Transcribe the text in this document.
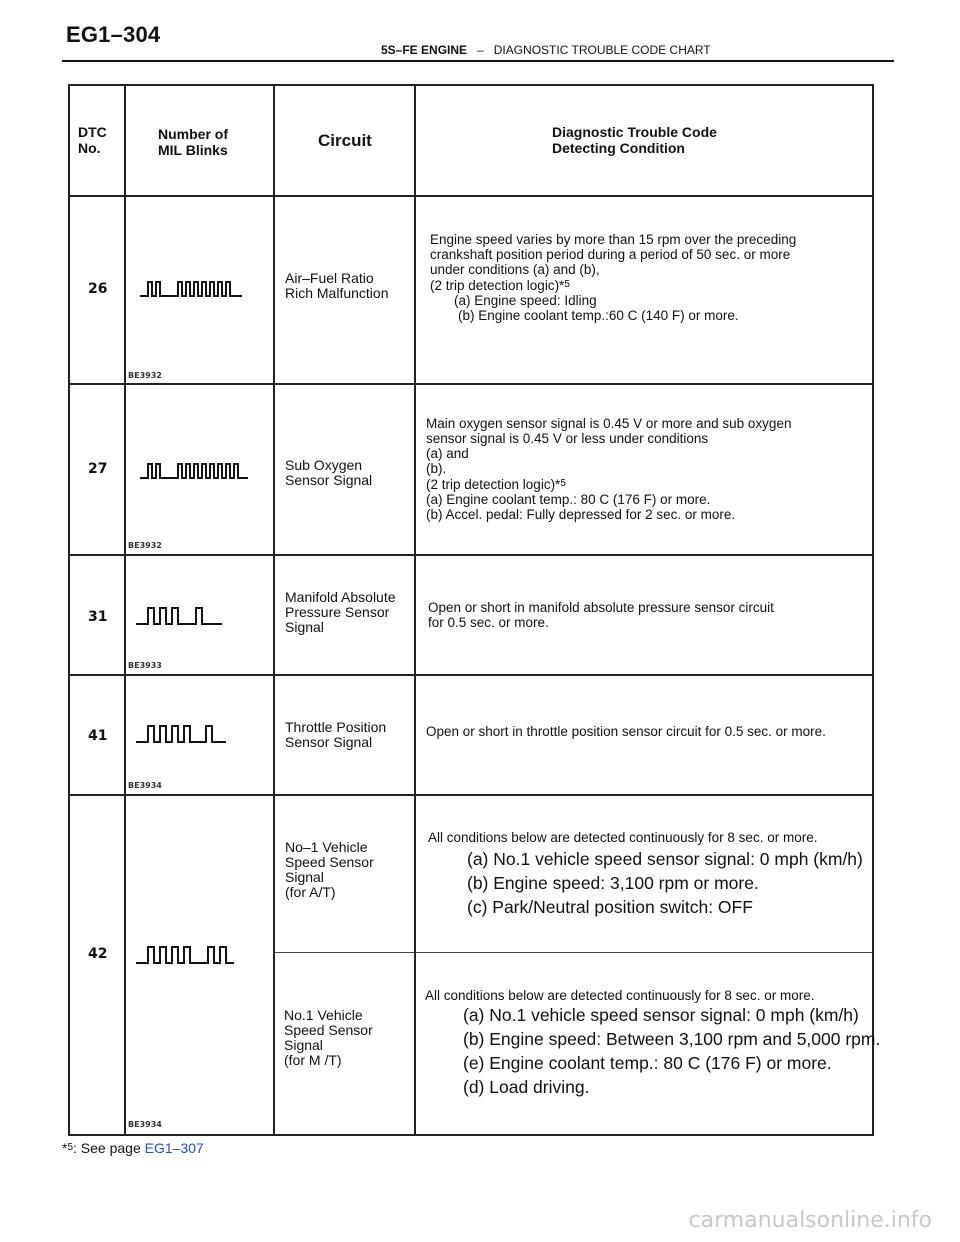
EG1–304
5S–FE ENGINE – DIAGNOSTIC TROUBLE CODE CHART
DTC
No.
Number of
MIL Blinks	Circuit	Diagnostic Trouble Code
Detecting Condition
26
BE3932
Air–Fuel Ratio
Rich Malfunction
Engine speed varies by more than 15 rpm over the preceding
crankshaft position period during a period of 50 sec. or more
under conditions (a) and (b),
(2 trip detection logic)*$^5$
(a) Engine speed: Idling
(b) Engine coolant temp.:60 C (140 F) or more.
27
BE3932
Sub Oxygen
Sensor Signal
Main oxygen sensor signal is 0.45 V or more and sub oxygen
sensor signal is 0.45 V or less under conditions
(a) and
(b).
(2 trip detection logic)*$^5$
(a) Engine coolant temp.: 80 C (176 F) or more.
(b) Accel. pedal: Fully depressed for 2 sec. or more.
31
BE3933
Manifold Absolute
Pressure Sensor
Signal
Open or short in manifold absolute pressure sensor circuit
for 0.5 sec. or more.
41
BE3934
Throttle Position
Sensor Signal
Open or short in throttle position sensor circuit for 0.5 sec. or more.
42
BE3934
No–1 Vehicle
Speed Sensor
Signal
(for A/T)
All conditions below are detected continuously for 8 sec. or more.
(a) No.1 vehicle speed sensor signal: 0 mph (km/h)
(b) Engine speed: 3,100 rpm or more.
(c) Park/Neutral position switch: OFF
No.1 Vehicle
Speed Sensor
Signal
(for M /T)
All conditions below are detected continuously for 8 sec. or more.
(a) No.1 vehicle speed sensor signal: 0 mph (km/h)
(b) Engine speed: Between 3,100 rpm and 5,000 rpm.
(e) Engine coolant temp.: 80 C (176 F) or more.
(d) Load driving.
*$^5$: See page EG1–307
carmanualsonline.info
